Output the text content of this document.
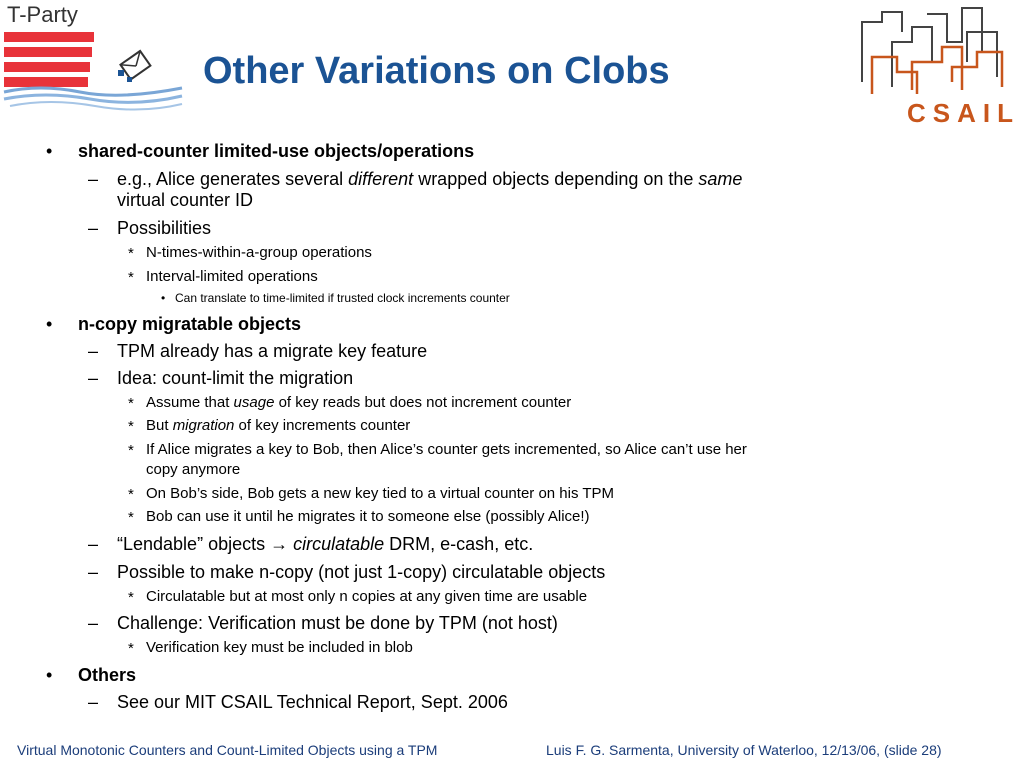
T-Party
CSAIL
Other Variations on Clobs
• shared-counter limited-use objects/operations
– e.g., Alice generates several different wrapped objects depending on the same
virtual counter ID
– Possibilities
* N-times-within-a-group operations
* Interval-limited operations
• Can translate to time-limited if trusted clock increments counter
• n-copy migratable objects
– TPM already has a migrate key feature
– Idea: count-limit the migration
* Assume that usage of key reads but does not increment counter
* But migration of key increments counter
* If Alice migrates a key to Bob, then Alice’s counter gets incremented, so Alice can’t use her
copy anymore
* On Bob’s side, Bob gets a new key tied to a virtual counter on his TPM
* Bob can use it until he migrates it to someone else (possibly Alice!)
– “Lendable” objects → circulatable DRM, e-cash, etc.
– Possible to make n-copy (not just 1-copy) circulatable objects
* Circulatable but at most only n copies at any given time are usable
– Challenge: Verification must be done by TPM (not host)
* Verification key must be included in blob
• Others
– See our MIT CSAIL Technical Report, Sept. 2006
Virtual Monotonic Counters and Count-Limited Objects using a TPM	Luis F. G. Sarmenta, University of Waterloo, 12/13/06, (slide 28)
